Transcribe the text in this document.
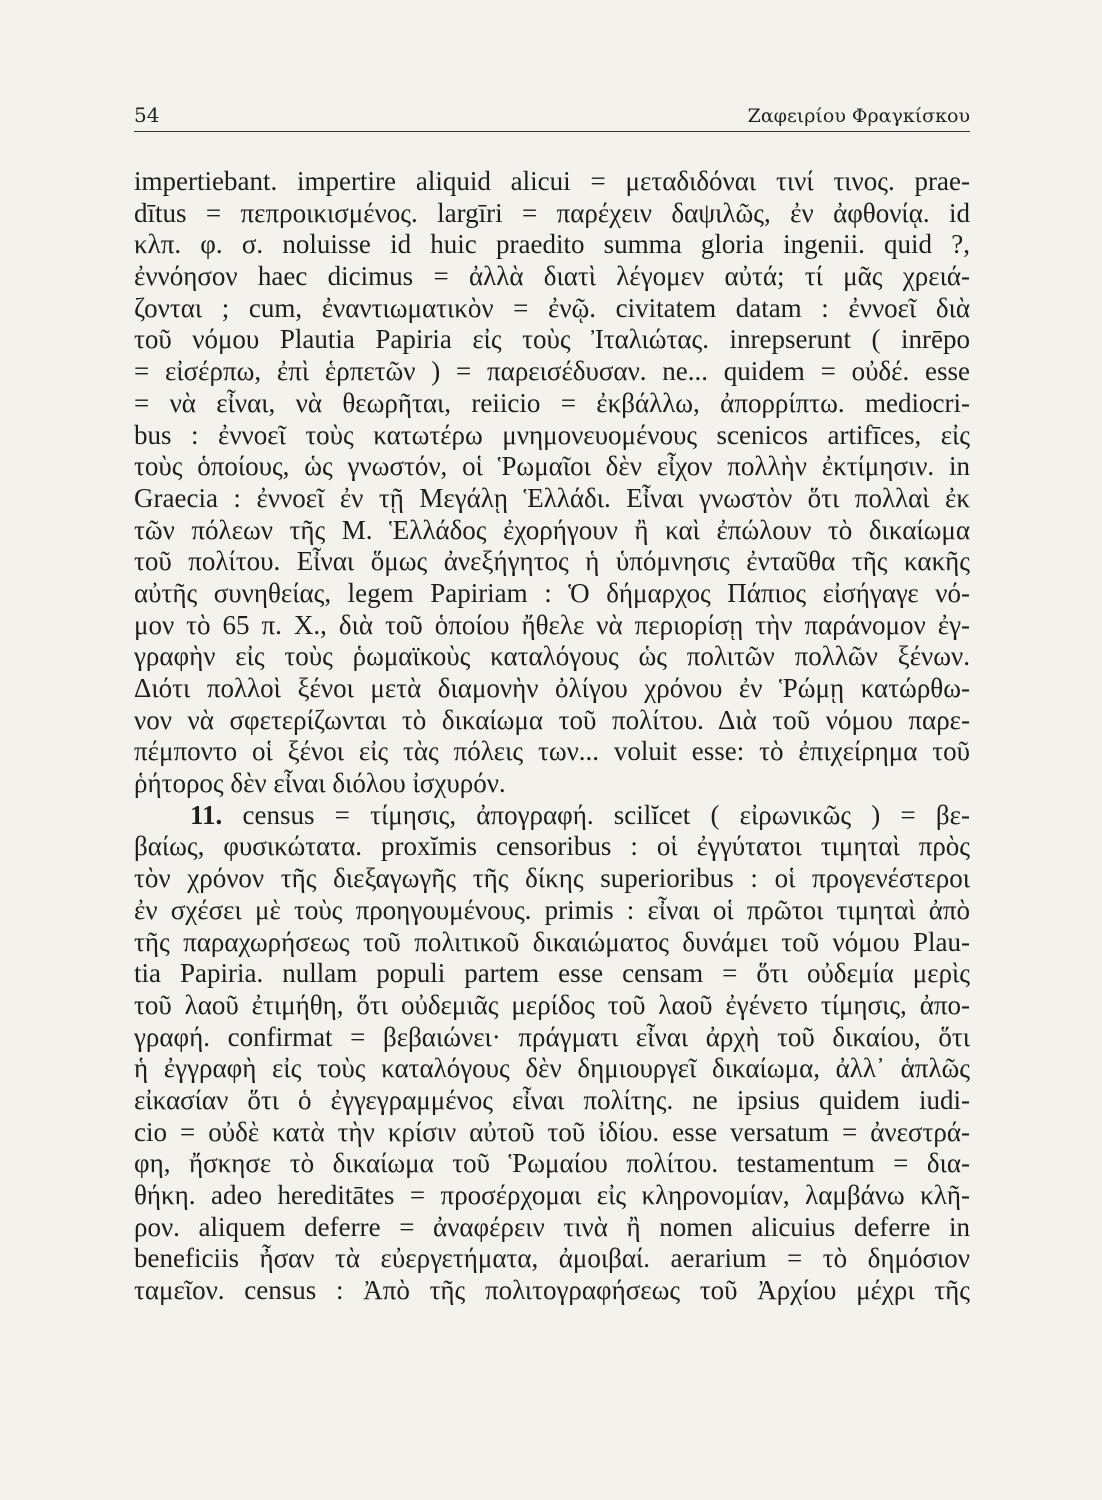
54	Ζαφειρίου Φραγκίσκου
impertiebant. impertire aliquid alicui = μεταδιδόναι τινί τινος. prae-
dītus = πεπροικισμένος. largīri = παρέχειν δαψιλῶς, ἐν ἀφθονίᾳ. id
κλπ. φ. σ. noluisse id huic praedito summa gloria ingenii. quid ?,
ἐννόησον haec dicimus = ἀλλὰ διατὶ λέγομεν αὐτά; τί μᾶς χρειά-
ζονται ; cum, ἐναντιωματικὸν = ἐνῷ. civitatem datam : ἐννοεῖ διὰ
τοῦ νόμου Plautia Papiria εἰς τοὺς Ἰταλιώτας. inrepserunt ( inrēpo
= εἰσέρπω, ἐπὶ ἑρπετῶν ) = παρεισέδυσαν. ne... quidem = οὐδέ. esse
= νὰ εἶναι, νὰ θεωρῆται, reiicio = ἐκβάλλω, ἀπορρίπτω. mediocri-
bus : ἐννοεῖ τοὺς κατωτέρω μνημονευομένους scenicos artifīces, εἰς
τοὺς ὁποίους, ὡς γνωστόν, οἱ Ῥωμαῖοι δὲν εἶχον πολλὴν ἐκτίμησιν. in
Graecia : ἐννοεῖ ἐν τῇ Μεγάλῃ Ἑλλάδι. Εἶναι γνωστὸν ὅτι πολλαὶ ἐκ
τῶν πόλεων τῆς Μ. Ἑλλάδος ἐχορήγουν ἢ καὶ ἐπώλουν τὸ δικαίωμα
τοῦ πολίτου. Εἶναι ὅμως ἀνεξήγητος ἡ ὑπόμνησις ἐνταῦθα τῆς κακῆς
αὐτῆς συνηθείας, legem Papiriam : Ὁ δήμαρχος Πάπιος εἰσήγαγε νό-
μον τὸ 65 π. Χ., διὰ τοῦ ὁποίου ἤθελε νὰ περιορίσῃ τὴν παράνομον ἐγ-
γραφὴν εἰς τοὺς ῥωμαϊκοὺς καταλόγους ὡς πολιτῶν πολλῶν ξένων.
Διότι πολλοὶ ξένοι μετὰ διαμονὴν ὀλίγου χρόνου ἐν Ῥώμῃ κατώρθω-
νον νὰ σφετερίζωνται τὸ δικαίωμα τοῦ πολίτου. Διὰ τοῦ νόμου παρε-
πέμποντο οἱ ξένοι εἰς τὰς πόλεις των... voluit esse: τὸ ἐπιχείρημα τοῦ
ῥήτορος δὲν εἶναι διόλου ἰσχυρόν.
11. census = τίμησις, ἀπογραφή. scilĭcet ( εἰρωνικῶς ) = βε-
βαίως, φυσικώτατα. proxĭmis censoribus : οἱ ἐγγύτατοι τιμηταὶ πρὸς
τὸν χρόνον τῆς διεξαγωγῆς τῆς δίκης superioribus : οἱ προγενέστεροι
ἐν σχέσει μὲ τοὺς προηγουμένους. primis : εἶναι οἱ πρῶτοι τιμηταὶ ἀπὸ
τῆς παραχωρήσεως τοῦ πολιτικοῦ δικαιώματος δυνάμει τοῦ νόμου Plau-
tia Papiria. nullam populi partem esse censam = ὅτι οὐδεμία μερὶς
τοῦ λαοῦ ἐτιμήθη, ὅτι οὐδεμιᾶς μερίδος τοῦ λαοῦ ἐγένετο τίμησις, ἀπο-
γραφή. confirmat = βεβαιώνει· πράγματι εἶναι ἀρχὴ τοῦ δικαίου, ὅτι
ἡ ἐγγραφὴ εἰς τοὺς καταλόγους δὲν δημιουργεῖ δικαίωμα, ἀλλ᾽ ἁπλῶς
εἰκασίαν ὅτι ὁ ἐγγεγραμμένος εἶναι πολίτης. ne ipsius quidem iudi-
cio = οὐδὲ κατὰ τὴν κρίσιν αὐτοῦ τοῦ ἰδίου. esse versatum = ἀνεστρά-
φη, ἤσκησε τὸ δικαίωμα τοῦ Ῥωμαίου πολίτου. testamentum = δια-
θήκη. adeo hereditātes = προσέρχομαι εἰς κληρονομίαν, λαμβάνω κλῆ-
ρον. aliquem deferre = ἀναφέρειν τινὰ ἢ nomen alicuius deferre in
beneficiis ἦσαν τὰ εὐεργετήματα, ἀμοιβαί. aerarium = τὸ δημόσιον
ταμεῖον. census : Ἀπὸ τῆς πολιτογραφήσεως τοῦ Ἀρχίου μέχρι τῆς
